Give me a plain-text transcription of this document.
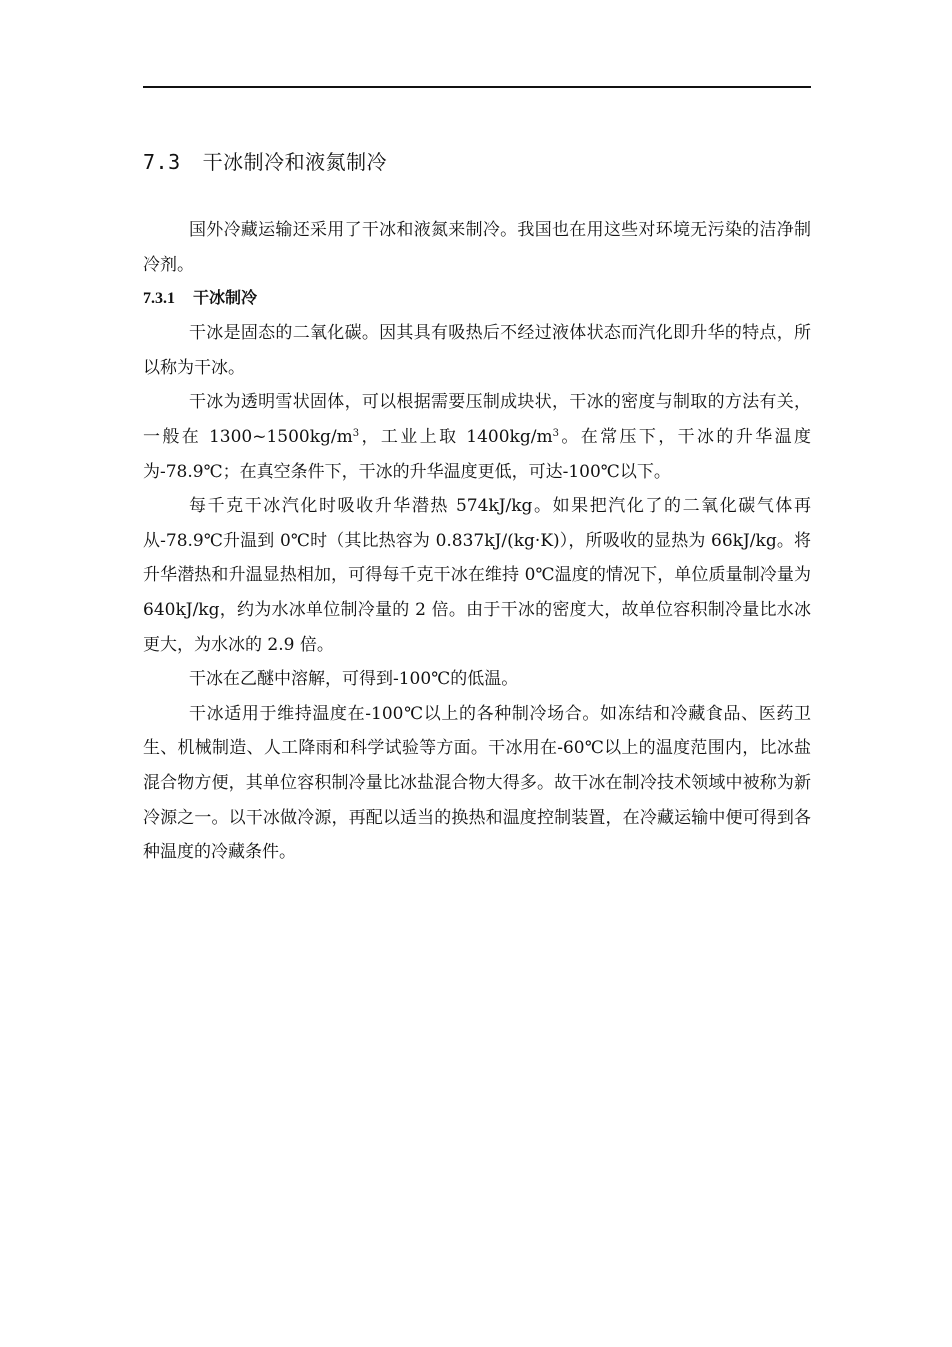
7.3 干冰制冷和液氮制冷

国外冷藏运输还采用了干冰和液氮来制冷。我国也在用这些对环境无污染的洁净制冷剂。

7.3.1 干冰制冷

干冰是固态的二氧化碳。因其具有吸热后不经过液体状态而汽化即升华的特点，所以称为干冰。

干冰为透明雪状固体，可以根据需要压制成块状，干冰的密度与制取的方法有关，一般在 $1300\sim 1500kg/m^3$，工业上取 $1400kg/m^3$。在常压下，干冰的升华温度为-78.9℃；在真空条件下，干冰的升华温度更低，可达-100℃以下。

每千克干冰汽化时吸收升华潜热 574kJ/kg。如果把汽化了的二氧化碳气体再从-78.9℃升温到 0℃时（其比热容为 0.837kJ/(kg·K)），所吸收的显热为 66kJ/kg。将升华潜热和升温显热相加，可得每千克干冰在维持 0℃温度的情况下，单位质量制冷量为 640kJ/kg，约为水冰单位制冷量的 2 倍。由于干冰的密度大，故单位容积制冷量比水冰更大，为水冰的 2.9 倍。

干冰在乙醚中溶解，可得到-100℃的低温。

干冰适用于维持温度在-100℃以上的各种制冷场合。如冻结和冷藏食品、医药卫生、机械制造、人工降雨和科学试验等方面。干冰用在-60℃以上的温度范围内，比冰盐混合物方便，其单位容积制冷量比冰盐混合物大得多。故干冰在制冷技术领域中被称为新冷源之一。以干冰做冷源，再配以适当的换热和温度控制装置，在冷藏运输中便可得到各种温度的冷藏条件。
